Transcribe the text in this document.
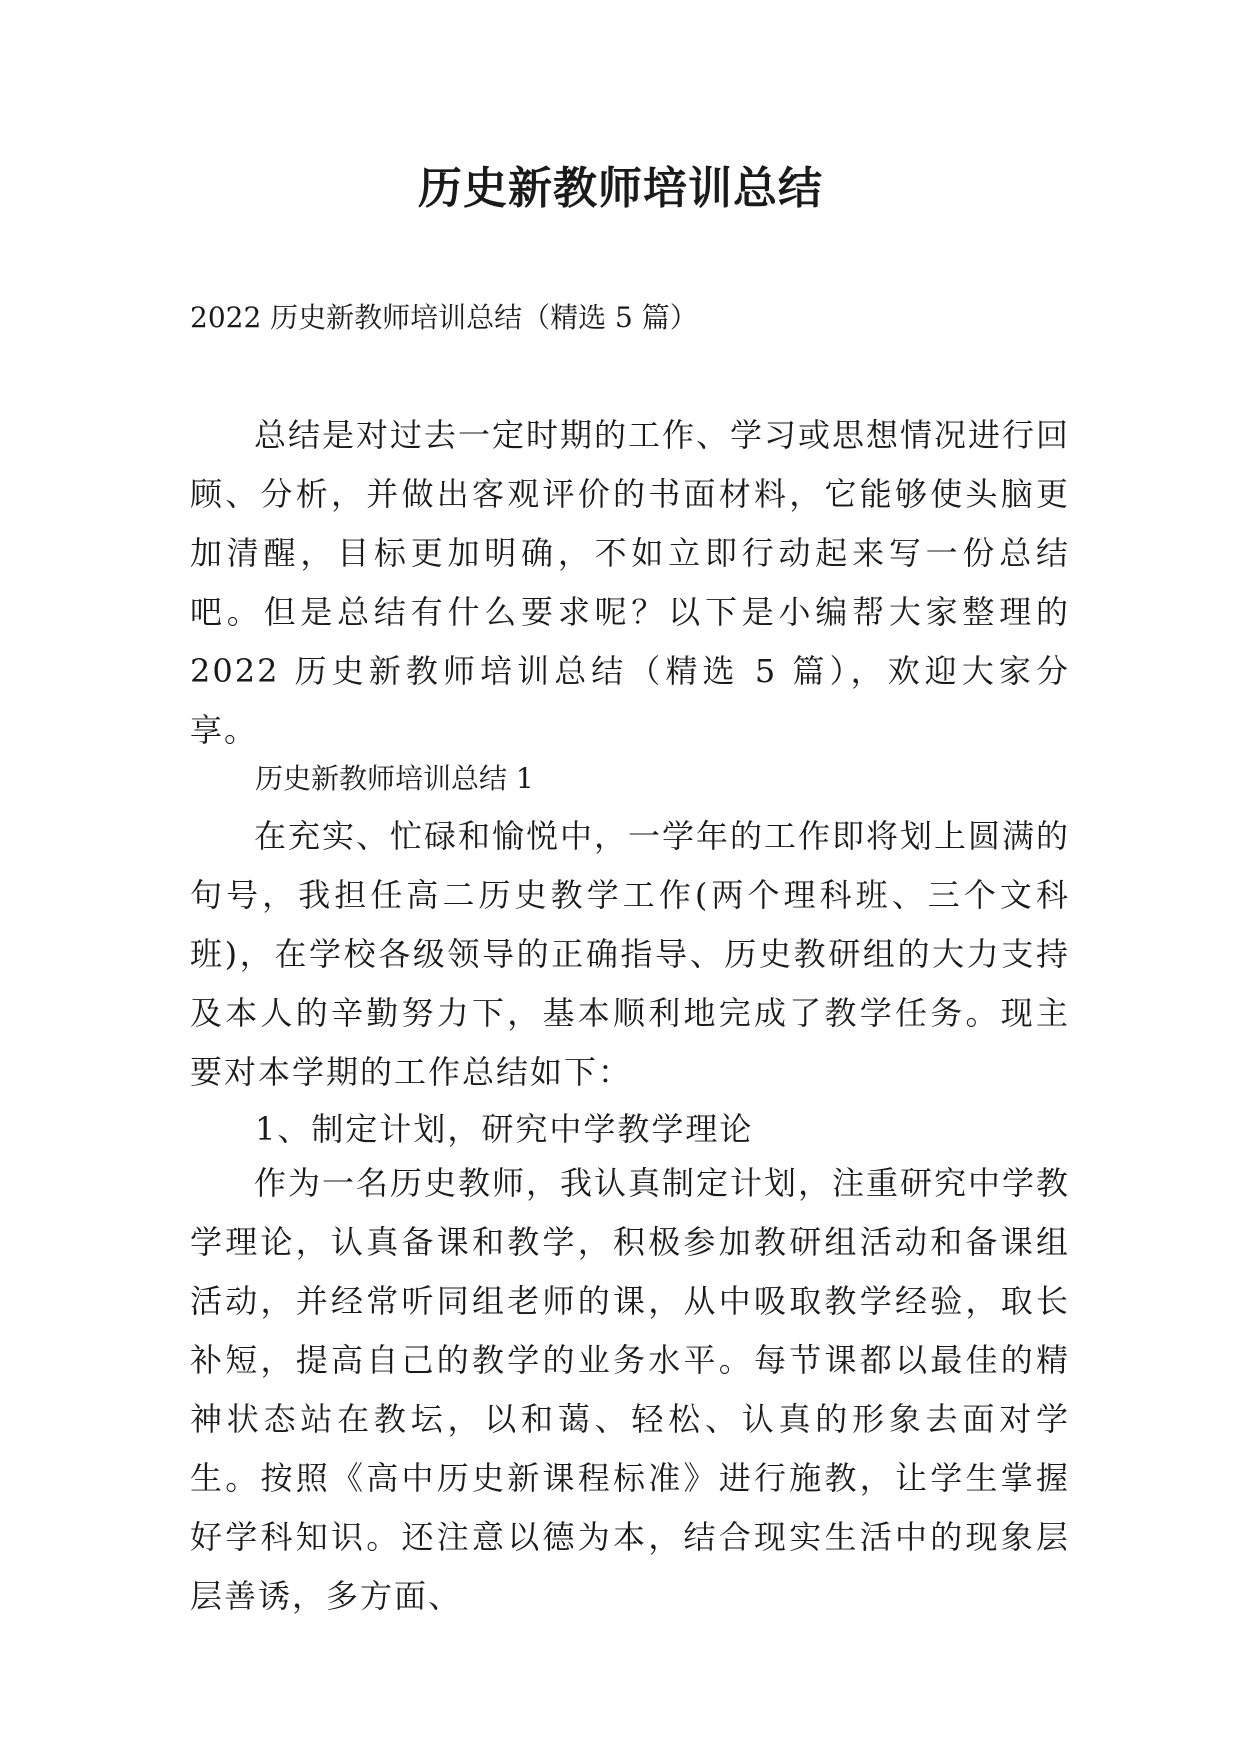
历史新教师培训总结
2022 历史新教师培训总结（精选 5 篇）

总结是对过去一定时期的工作、学习或思想情况进行回顾、分析，并做出客观评价的书面材料，它能够使头脑更加清醒，目标更加明确，不如立即行动起来写一份总结吧。但是总结有什么要求呢？以下是小编帮大家整理的 2022 历史新教师培训总结（精选 5 篇），欢迎大家分享。

历史新教师培训总结 1

在充实、忙碌和愉悦中，一学年的工作即将划上圆满的句号，我担任高二历史教学工作(两个理科班、三个文科班)，在学校各级领导的正确指导、历史教研组的大力支持及本人的辛勤努力下，基本顺利地完成了教学任务。现主要对本学期的工作总结如下：

1、制定计划，研究中学教学理论

作为一名历史教师，我认真制定计划，注重研究中学教学理论，认真备课和教学，积极参加教研组活动和备课组活动，并经常听同组老师的课，从中吸取教学经验，取长补短，提高自己的教学的业务水平。每节课都以最佳的精神状态站在教坛，以和蔼、轻松、认真的形象去面对学生。按照《高中历史新课程标准》进行施教，让学生掌握好学科知识。还注意以德为本，结合现实生活中的现象层层善诱，多方面、
